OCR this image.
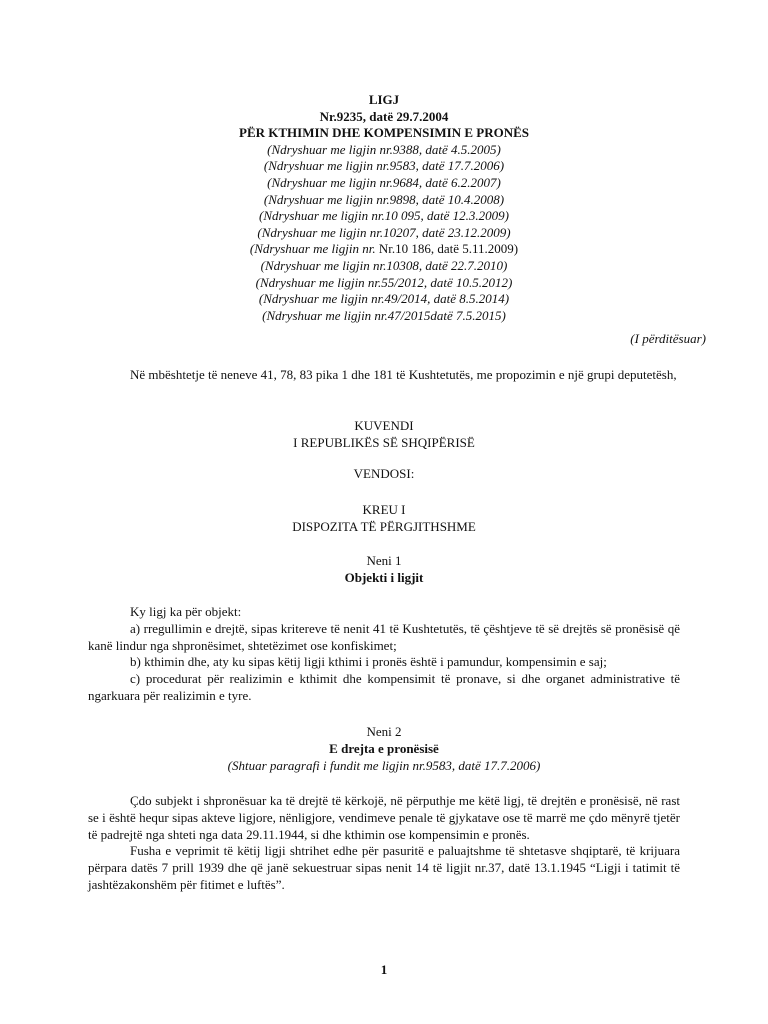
LIGJ
Nr.9235, datë 29.7.2004
PËR KTHIMIN DHE KOMPENSIMIN E PRONËS
(Ndryshuar me ligjin nr.9388, datë 4.5.2005)
(Ndryshuar me ligjin nr.9583, datë 17.7.2006)
(Ndryshuar me ligjin nr.9684, datë 6.2.2007)
(Ndryshuar me ligjin nr.9898, datë 10.4.2008)
(Ndryshuar me ligjin nr.10 095, datë 12.3.2009)
(Ndryshuar me ligjin nr.10207, datë 23.12.2009)
(Ndryshuar me ligjin nr. Nr.10 186, datë 5.11.2009)
(Ndryshuar me ligjin nr.10308, datë 22.7.2010)
(Ndryshuar me ligjin nr.55/2012, datë 10.5.2012)
(Ndryshuar me ligjin nr.49/2014, datë 8.5.2014)
(Ndryshuar me ligjin nr.47/2015datë 7.5.2015)
(I përditësuar)

Në mbështetje të neneve 41, 78, 83 pika 1 dhe 181 të Kushtetutës, me propozimin e një grupi deputetësh,

KUVENDI
I REPUBLIKËS SË SHQIPËRISË
VENDOSI:
KREU I
DISPOZITA TË PËRGJITHSHME
Neni 1
Objekti i ligjit

Ky ligj ka për objekt:

a) rregullimin e drejtë, sipas kritereve të nenit 41 të Kushtetutës, të çështjeve të së drejtës së pronësisë që kanë lindur nga shpronësimet, shtetëzimet ose konfiskimet;

b) kthimin dhe, aty ku sipas këtij ligji kthimi i pronës është i pamundur, kompensimin e saj;

c) procedurat për realizimin e kthimit dhe kompensimit të pronave, si dhe organet administrative të ngarkuara për realizimin e tyre.

Neni 2
E drejta e pronësisë
(Shtuar paragrafi i fundit me ligjin nr.9583, datë 17.7.2006)

Çdo subjekt i shpronësuar ka të drejtë të kërkojë, në përputhje me këtë ligj, të drejtën e pronësisë, në rast se i është hequr sipas akteve ligjore, nënligjore, vendimeve penale të gjykatave ose të marrë me çdo mënyrë tjetër të padrejtë nga shteti nga data 29.11.1944, si dhe kthimin ose kompensimin e pronës.

Fusha e veprimit të këtij ligji shtrihet edhe për pasuritë e paluajtshme të shtetasve shqiptarë, të krijuara përpara datës 7 prill 1939 dhe që janë sekuestruar sipas nenit 14 të ligjit nr.37, datë 13.1.1945 “Ligji i tatimit të jashtëzakonshëm për fitimet e luftës”.

1
